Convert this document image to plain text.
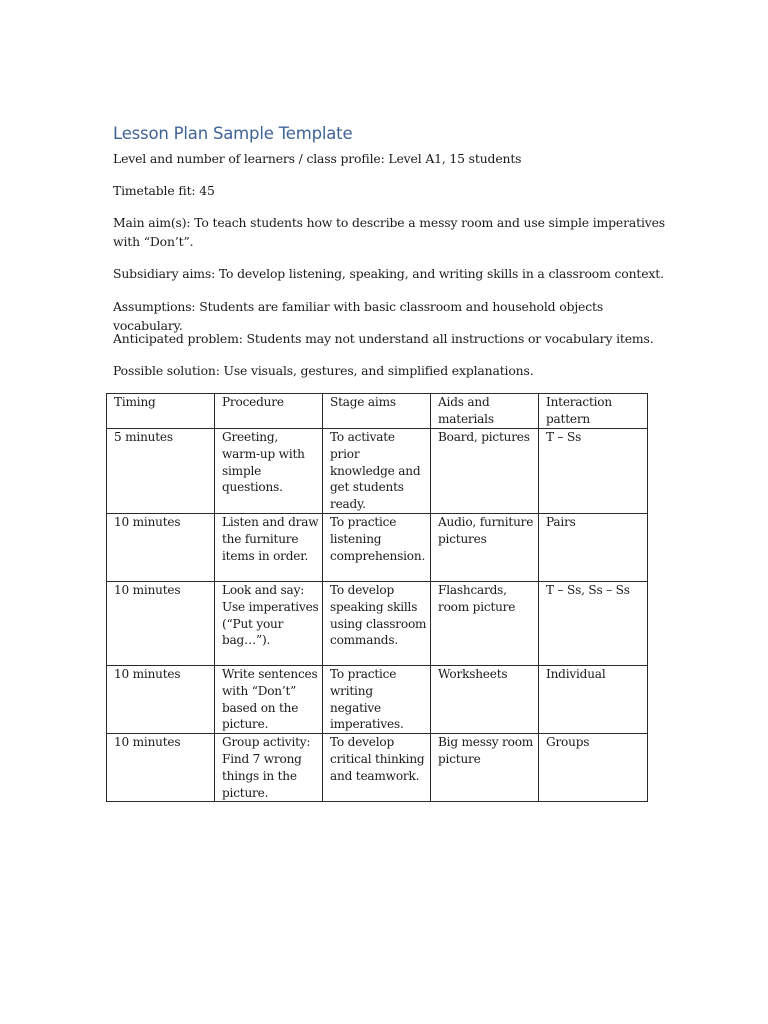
Lesson Plan Sample Template
Level and number of learners / class profile: Level A1, 15 students
Timetable fit: 45
Main aim(s): To teach students how to describe a messy room and use simple imperatives with “Don’t”.
Subsidiary aims: To develop listening, speaking, and writing skills in a classroom context.
Assumptions: Students are familiar with basic classroom and household objects vocabulary.
Anticipated problem: Students may not understand all instructions or vocabulary items.
Possible solution: Use visuals, gestures, and simplified explanations.
Timing	Procedure	Stage aims	Aids and materials	Interaction pattern
5 minutes	Greeting, warm-up with simple questions.	To activate prior knowledge and get students ready.	Board, pictures	T – Ss
10 minutes	Listen and draw the furniture items in order.	To practice listening comprehension.	Audio, furniture pictures	Pairs
10 minutes	Look and say: Use imperatives (“Put your bag…”).	To develop speaking skills using classroom commands.	Flashcards, room picture	T – Ss, Ss – Ss
10 minutes	Write sentences with “Don’t” based on the picture.	To practice writing negative imperatives.	Worksheets	Individual
10 minutes	Group activity: Find 7 wrong things in the picture.	To develop critical thinking and teamwork.	Big messy room picture	Groups
